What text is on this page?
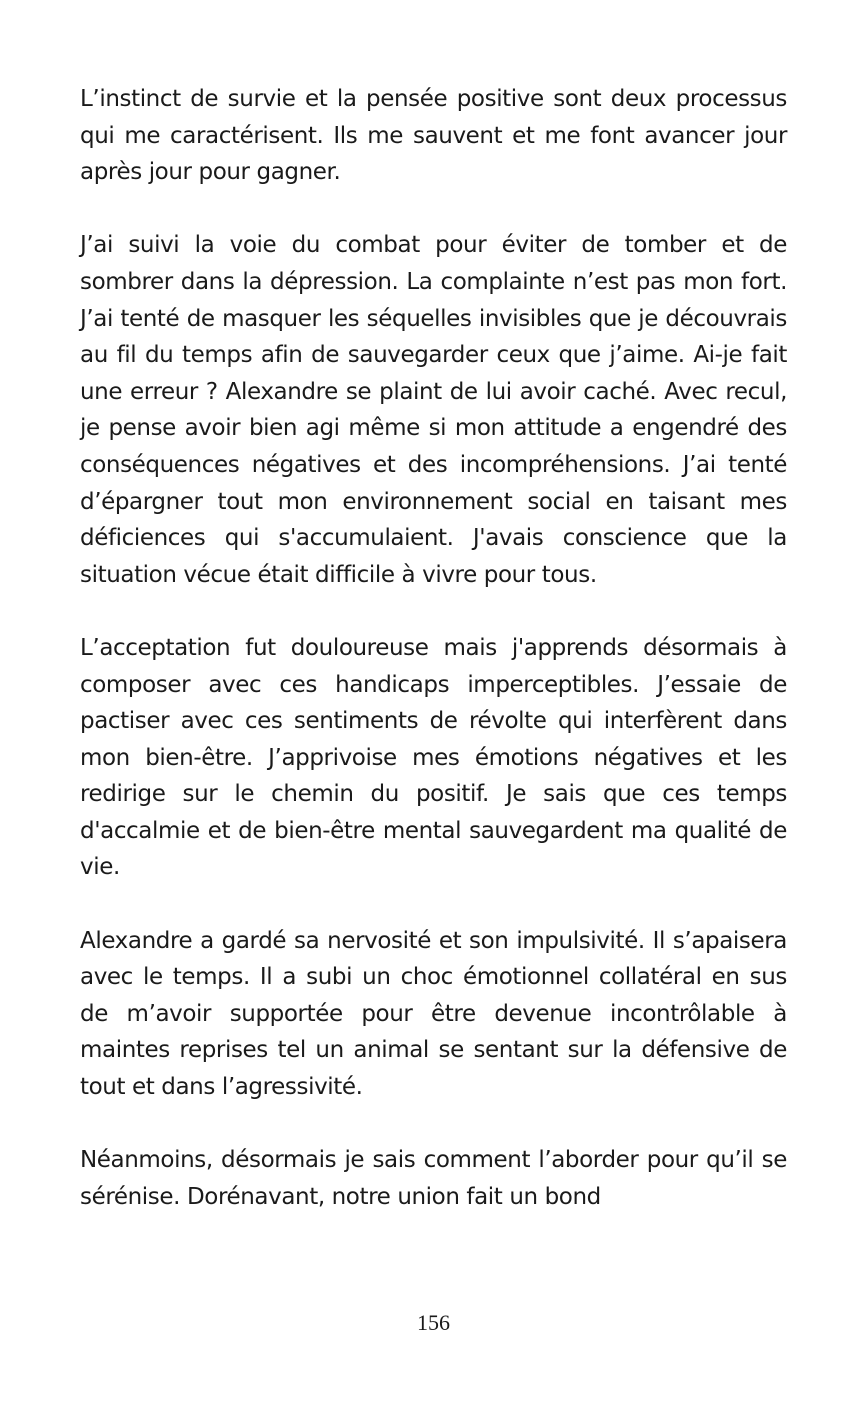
L’instinct de survie et la pensée positive sont deux processus qui me caractérisent. Ils me sauvent et me font avancer jour après jour pour gagner.

J’ai suivi la voie du combat pour éviter de tomber et de sombrer dans la dépression. La complainte n’est pas mon fort. J’ai tenté de masquer les séquelles invisibles que je découvrais au fil du temps afin de sauvegarder ceux que j’aime. Ai-je fait une erreur ? Alexandre se plaint de lui avoir caché. Avec recul, je pense avoir bien agi même si mon attitude a engendré des conséquences négatives et des incompréhensions. J’ai tenté d’épargner tout mon environnement social en taisant mes déficiences qui s'accumulaient. J'avais conscience que la situation vécue était difficile à vivre pour tous.

L’acceptation fut douloureuse mais j'apprends désormais à composer avec ces handicaps imperceptibles. J’essaie de pactiser avec ces sentiments de révolte qui interfèrent dans mon bien-être. J’apprivoise mes émotions négatives et les redirige sur le chemin du positif. Je sais que ces temps d'accalmie et de bien-être mental sauvegardent ma qualité de vie.

Alexandre a gardé sa nervosité et son impulsivité. Il s’apaisera avec le temps. Il a subi un choc émotionnel collatéral en sus de m’avoir supportée pour être devenue incontrôlable à maintes reprises tel un animal se sentant sur la défensive de tout et dans l’agressivité.

Néanmoins, désormais je sais comment l’aborder pour qu’il se sérénise. Dorénavant, notre union fait un bond

156
